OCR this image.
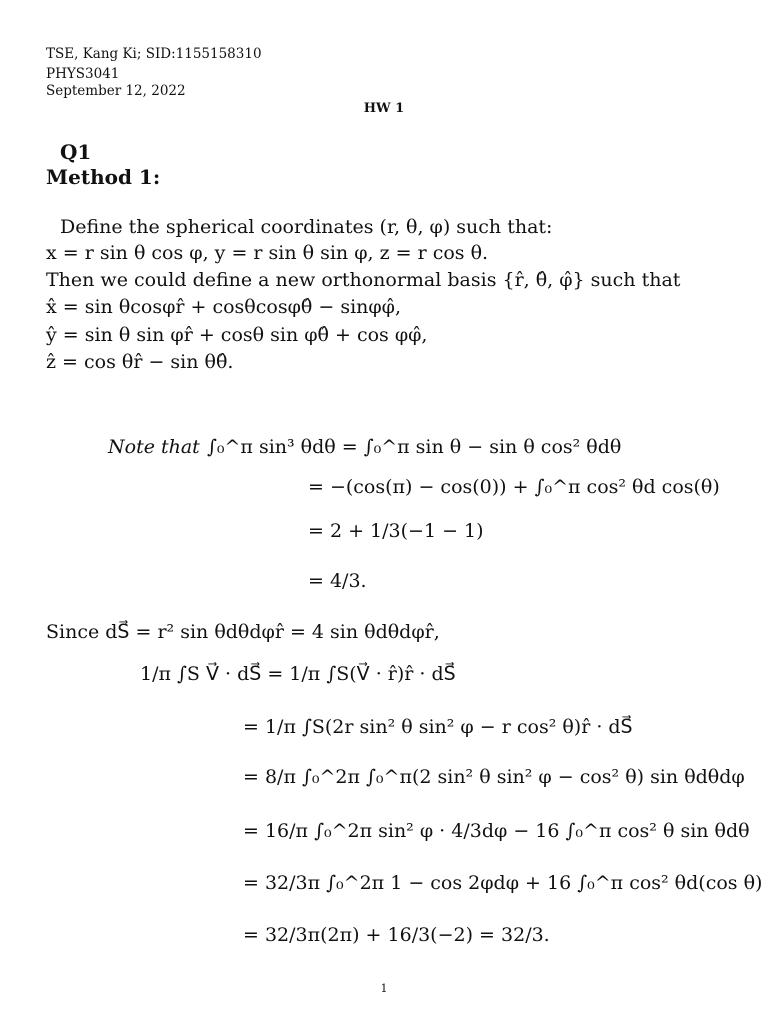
TSE, Kang Ki; SID:1155158310
PHYS3041
September 12, 2022
HW 1
Q1
Method 1:
Define the spherical coordinates (r, θ, φ) such that:
x = r sin θ cos φ, y = r sin θ sin φ, z = r cos θ.
Then we could define a new orthonormal basis {r̂, θ̂, φ̂} such that
x̂ = sin θcosφr̂ + cosθcosφθ̂ − sinφφ̂,
ŷ = sin θ sin φr̂ + cosθ sin φθ̂ + cos φφ̂,
ẑ = cos θr̂ − sin θθ̂.
Note that ∫₀^π sin³ θdθ = ∫₀^π sin θ − sin θ cos² θdθ
= −(cos(π) − cos(0)) + ∫₀^π cos² θd cos(θ)
= 2 + 1/3(−1 − 1)
= 4/3.
Since dS⃗ = r² sin θdθdφr̂ = 4 sin θdθdφr̂,
1/π ∫S V⃗ · dS⃗ = 1/π ∫S(V⃗ · r̂)r̂ · dS⃗
= 1/π ∫S(2r sin² θ sin² φ − r cos² θ)r̂ · dS⃗
= 8/π ∫₀^2π ∫₀^π(2 sin² θ sin² φ − cos² θ) sin θdθdφ
= 16/π ∫₀^2π sin² φ · 4/3dφ − 16 ∫₀^π cos² θ sin θdθ
= 32/3π ∫₀^2π 1 − cos 2φdφ + 16 ∫₀^π cos² θd(cos θ)
= 32/3π(2π) + 16/3(−2) = 32/3.
1
